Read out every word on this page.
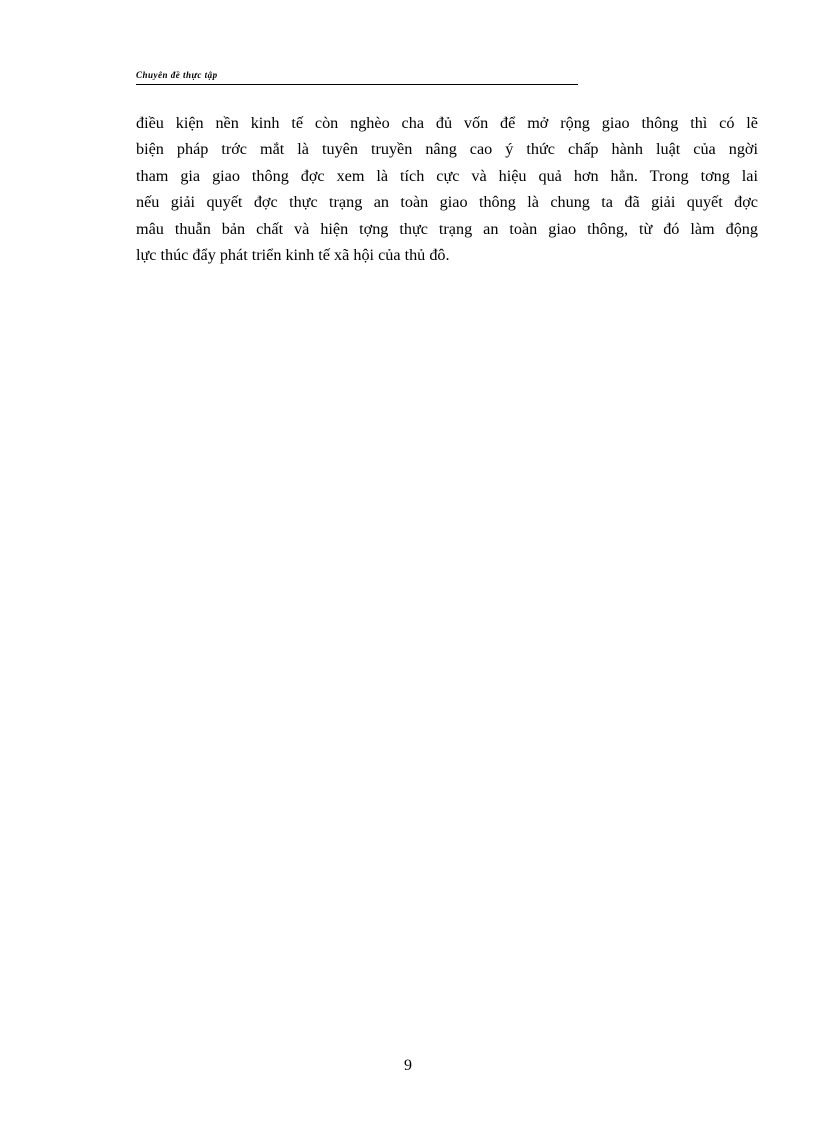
Chuyên đề thực tập
điều kiện nền kinh tế còn nghèo cha đủ vốn để mở rộng giao thông thì có lẽ
biện pháp trớc mắt là tuyên truyền nâng cao ý thức chấp hành luật của ngời
tham gia giao thông đợc xem là tích cực và hiệu quả hơn hẳn. Trong tơng lai
nếu giải quyết đợc thực trạng an toàn giao thông là chung ta đã giải quyết đợc
mâu thuẫn bản chất và hiện tợng thực trạng an toàn giao thông, từ đó làm động
lực thúc đẩy phát triển kinh tế xã hội của thủ đô.
9
